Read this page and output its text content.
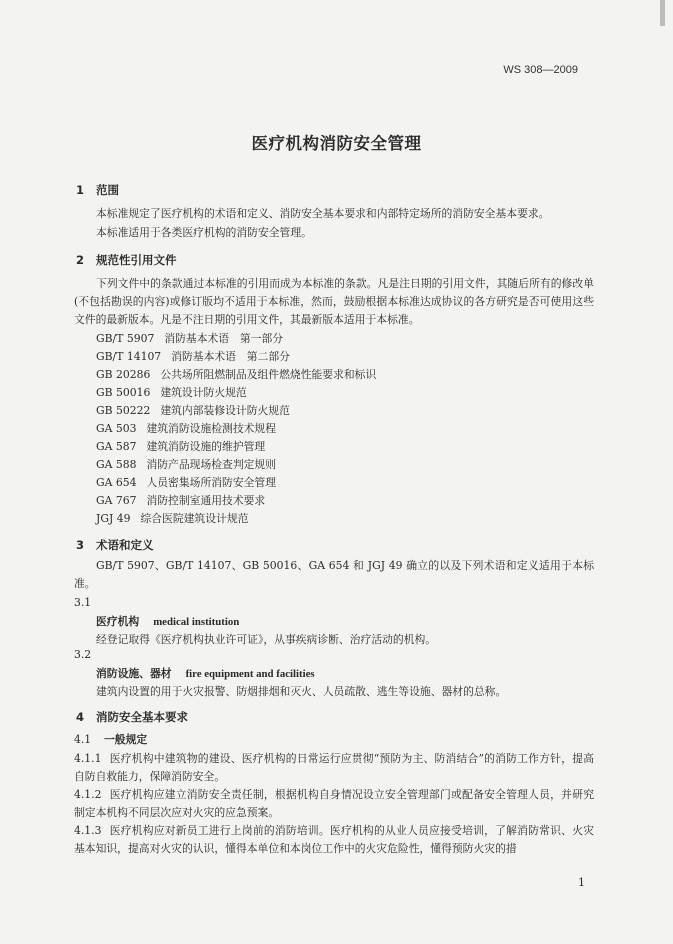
WS 308—2009
医疗机构消防安全管理
1 范围
本标准规定了医疗机构的术语和定义、消防安全基本要求和内部特定场所的消防安全基本要求。
本标准适用于各类医疗机构的消防安全管理。
2 规范性引用文件
下列文件中的条款通过本标准的引用而成为本标准的条款。凡是注日期的引用文件，其随后所有的修改单(不包括勘误的内容)或修订版均不适用于本标准，然而，鼓励根据本标准达成协议的各方研究是否可使用这些文件的最新版本。凡是不注日期的引用文件，其最新版本适用于本标准。
GB/T 5907 消防基本术语　第一部分
GB/T 14107 消防基本术语　第二部分
GB 20286 公共场所阻燃制品及组件燃烧性能要求和标识
GB 50016 建筑设计防火规范
GB 50222 建筑内部装修设计防火规范
GA 503 建筑消防设施检测技术规程
GA 587 建筑消防设施的维护管理
GA 588 消防产品现场检查判定规则
GA 654 人员密集场所消防安全管理
GA 767 消防控制室通用技术要求
JGJ 49 综合医院建筑设计规范
3 术语和定义
GB/T 5907、GB/T 14107、GB 50016、GA 654 和 JGJ 49 确立的以及下列术语和定义适用于本标准。
3.1
医疗机构 medical institution
经登记取得《医疗机构执业许可证》，从事疾病诊断、治疗活动的机构。
3.2
消防设施、器材 fire equipment and facilities
建筑内设置的用于火灾报警、防烟排烟和灭火、人员疏散、逃生等设施、器材的总称。
4 消防安全基本要求
4.1 一般规定
4.1.1 医疗机构中建筑物的建设、医疗机构的日常运行应贯彻“预防为主、防消结合”的消防工作方针，提高自防自救能力，保障消防安全。
4.1.2 医疗机构应建立消防安全责任制，根据机构自身情况设立安全管理部门或配备安全管理人员，并研究制定本机构不同层次应对火灾的应急预案。
4.1.3 医疗机构应对新员工进行上岗前的消防培训。医疗机构的从业人员应接受培训，了解消防常识、火灾基本知识，提高对火灾的认识，懂得本单位和本岗位工作中的火灾危险性，懂得预防火灾的措
1
